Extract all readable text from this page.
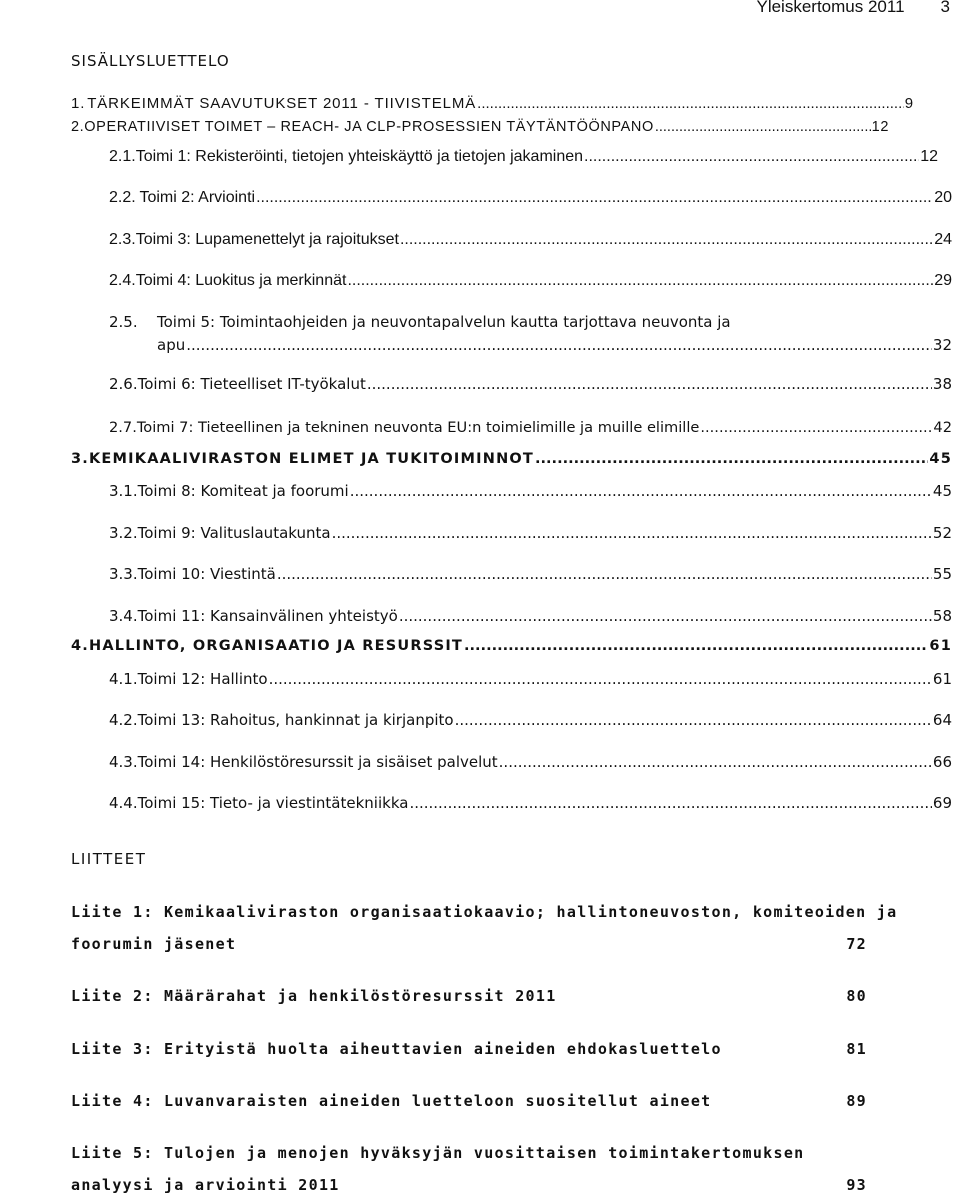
Yleiskertomus 2011 3
SISÄLLYSLUETTELO
1. TÄRKEIMMÄT SAAVUTUKSET 2011 - TIIVISTELMÄ .....	9
2. OPERATIIVISET TOIMET – REACH- JA CLP-PROSESSIEN TÄYTÄNTÖÖNPANO .....	12
2.1. Toimi 1: Rekisteröinti, tietojen yhteiskäyttö ja tietojen jakaminen .....	12
2.2. Toimi 2: Arviointi .....	20
2.3. Toimi 3: Lupamenettelyt ja rajoitukset .....	24
2.4. Toimi 4: Luokitus ja merkinnät .....	29
2.5. Toimi 5: Toimintaohjeiden ja neuvontapalvelun kautta tarjottava neuvonta ja
apu .....	32
2.6. Toimi 6: Tieteelliset IT-työkalut .....	38
2.7. Toimi 7: Tieteellinen ja tekninen neuvonta EU:n toimielimille ja muille elimille .....	42
3. KEMIKAALIVIRASTON ELIMET JA TUKITOIMINNOT .....	45
3.1. Toimi 8: Komiteat ja foorumi .....	45
3.2. Toimi 9: Valituslautakunta .....	52
3.3. Toimi 10: Viestintä .....	55
3.4. Toimi 11: Kansainvälinen yhteistyö .....	58
4. HALLINTO, ORGANISAATIO JA RESURSSIT .....	61
4.1. Toimi 12: Hallinto .....	61
4.2. Toimi 13: Rahoitus, hankinnat ja kirjanpito .....	64
4.3. Toimi 14: Henkilöstöresurssit ja sisäiset palvelut .....	66
4.4. Toimi 15: Tieto- ja viestintätekniikka .....	69
LIITTEET
Liite 1: Kemikaaliviraston organisaatiokaavio; hallintoneuvoston, komiteoiden ja
foorumin jäsenet	72
Liite 2: Määrärahat ja henkilöstöresurssit 2011	80
Liite 3: Erityistä huolta aiheuttavien aineiden ehdokasluettelo	81
Liite 4: Luvanvaraisten aineiden luetteloon suositellut aineet	89
Liite 5: Tulojen ja menojen hyväksyjän vuosittaisen toimintakertomuksen
analyysi ja arviointi 2011	93
